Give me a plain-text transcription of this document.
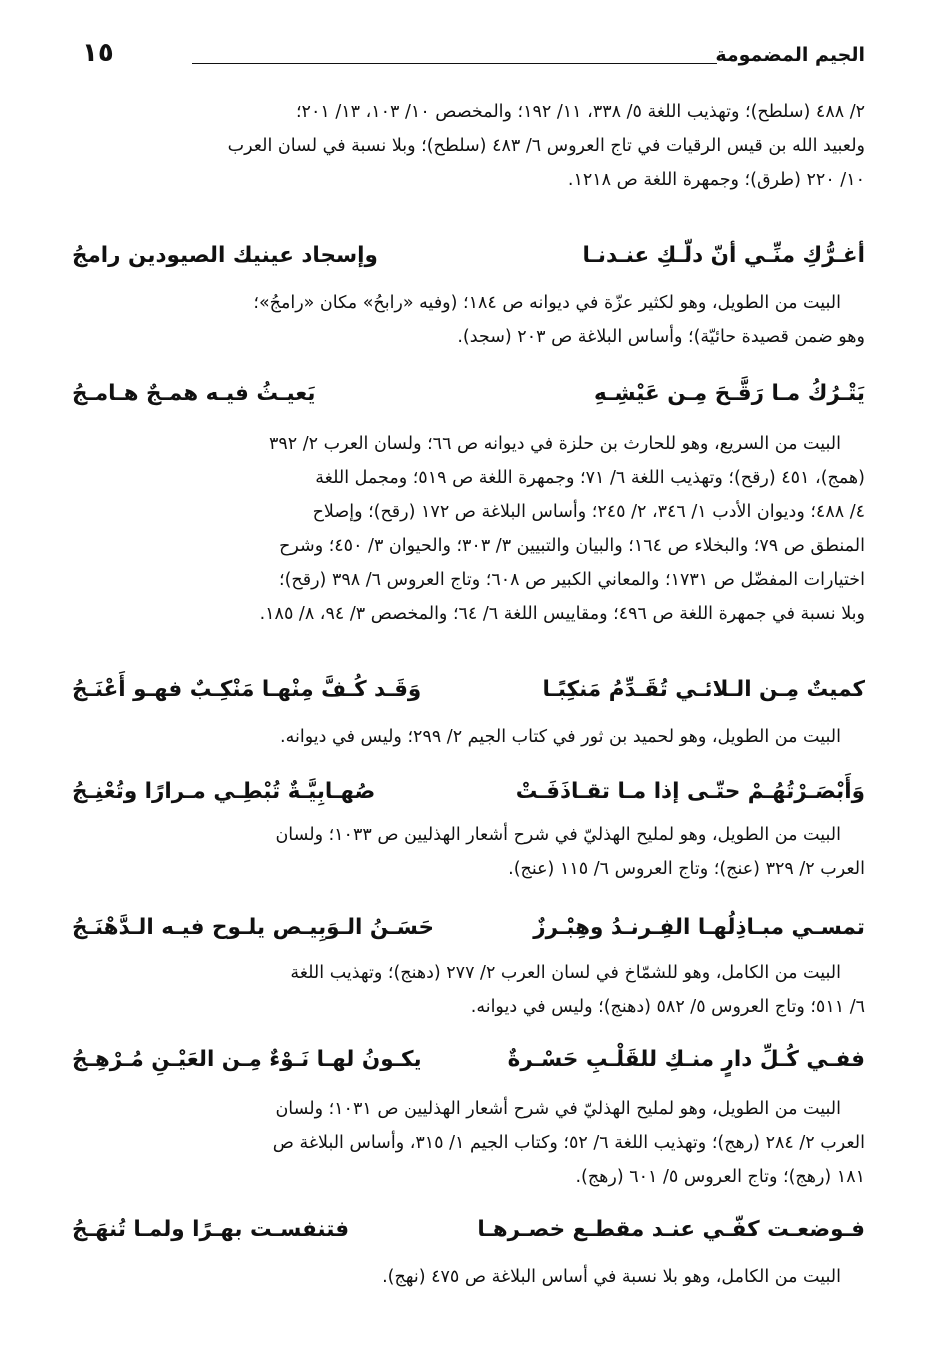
الجيم المضمومة
١٥

٢/ ٤٨٨ (سلطح)؛ وتهذيب اللغة ٥/ ٣٣٨، ١١/ ١٩٢؛ والمخصص ١٠/ ١٠٣، ١٣/ ٢٠١؛

ولعبيد الله بن قيس الرقيات في تاج العروس ٦/ ٤٨٣ (سلطح)؛ وبلا نسبة في لسان العرب

١٠/ ٢٢٠ (طرق)؛ وجمهرة اللغة ص ١٢١٨.

أغـرُّكِ منِّـي أنّ دلّـكِ عنـدنـا
وإسجاد عينيك الصيودين رامجُ

البيت من الطويل، وهو لكثير عزّة في ديوانه ص ١٨٤؛ (وفيه «رابحُ» مكان «رامجُ»؛

وهو ضمن قصيدة حائيّة)؛ وأساس البلاغة ص ٢٠٣ (سجد).

يَتْـرُكُ مـا رَقَّـحَ مِـن عَيْشِـهِ
يَعيـثُ فيـه همـجٌ هـامـجُ

البيت من السريع، وهو للحارث بن حلزة في ديوانه ص ٦٦؛ ولسان العرب ٢/ ٣٩٢

(همج)، ٤٥١ (رقح)؛ وتهذيب اللغة ٦/ ٧١؛ وجمهرة اللغة ص ٥١٩؛ ومجمل اللغة

٤/ ٤٨٨؛ وديوان الأدب ١/ ٣٤٦، ٢/ ٢٤٥؛ وأساس البلاغة ص ١٧٢ (رقح)؛ وإصلاح

المنطق ص ٧٩؛ والبخلاء ص ١٦٤؛ والبيان والتبيين ٣/ ٣٠٣؛ والحيوان ٣/ ٤٥٠؛ وشرح

اختيارات المفضّل ص ١٧٣١؛ والمعاني الكبير ص ٦٠٨؛ وتاج العروس ٦/ ٣٩٨ (رقح)؛

وبلا نسبة في جمهرة اللغة ص ٤٩٦؛ ومقاييس اللغة ٦/ ٦٤؛ والمخصص ٣/ ٩٤، ٨/ ١٨٥.

كميتٌ مِـن الـلائـي تُقَـدِّمُ مَنكِبًـا
وَقَـد كُـفَّ مِنْهـا مَنْكِـبٌ فهـو أَعْنَـجُ

البيت من الطويل، وهو لحميد بن ثور في كتاب الجيم ٢/ ٢٩٩؛ وليس في ديوانه.

وَأَبْصَـرْتُهُـمْ حتّـى إذا مـا تقـاذَفَـتْ
صُهـابِيَّـةٌ تُبْطِـي مـرارًا وتُعْنِـجُ

البيت من الطويل، وهو لمليح الهذليّ في شرح أشعار الهذليين ص ١٠٣٣؛ ولسان

العرب ٢/ ٣٢٩ (عنج)؛ وتاج العروس ٦/ ١١٥ (عنج).

تمسـي مبـاذِلُهـا الفِـرنـدُ وهِبْـرزٌ
حَسَـنُ الـوَبِيـص يلـوح فيـه الـدَّهْنَـجُ

البيت من الكامل، وهو للشمّاخ في لسان العرب ٢/ ٢٧٧ (دهنج)؛ وتهذيب اللغة

٦/ ٥١١؛ وتاج العروس ٥/ ٥٨٢ (دهنج)؛ وليس في ديوانه.

ففـي كُـلِّ دارٍ منـكِ للقَلْـبِ حَسْـرةٌ
يكـونُ لهـا نَـوْءٌ مِـن العَيْـنِ مُـرْهِـجُ

البيت من الطويل، وهو لمليح الهذليّ في شرح أشعار الهذليين ص ١٠٣١؛ ولسان

العرب ٢/ ٢٨٤ (رهج)؛ وتهذيب اللغة ٦/ ٥٢؛ وكتاب الجيم ١/ ٣١٥، وأساس البلاغة ص

١٨١ (رهج)؛ وتاج العروس ٥/ ٦٠١ (رهج).

فـوضعـت كفّـي عنـد مقطـع خصـرهـا
فتنفسـت بهـرًا ولمـا تُنهَـجُ

البيت من الكامل، وهو بلا نسبة في أساس البلاغة ص ٤٧٥ (نهج).
